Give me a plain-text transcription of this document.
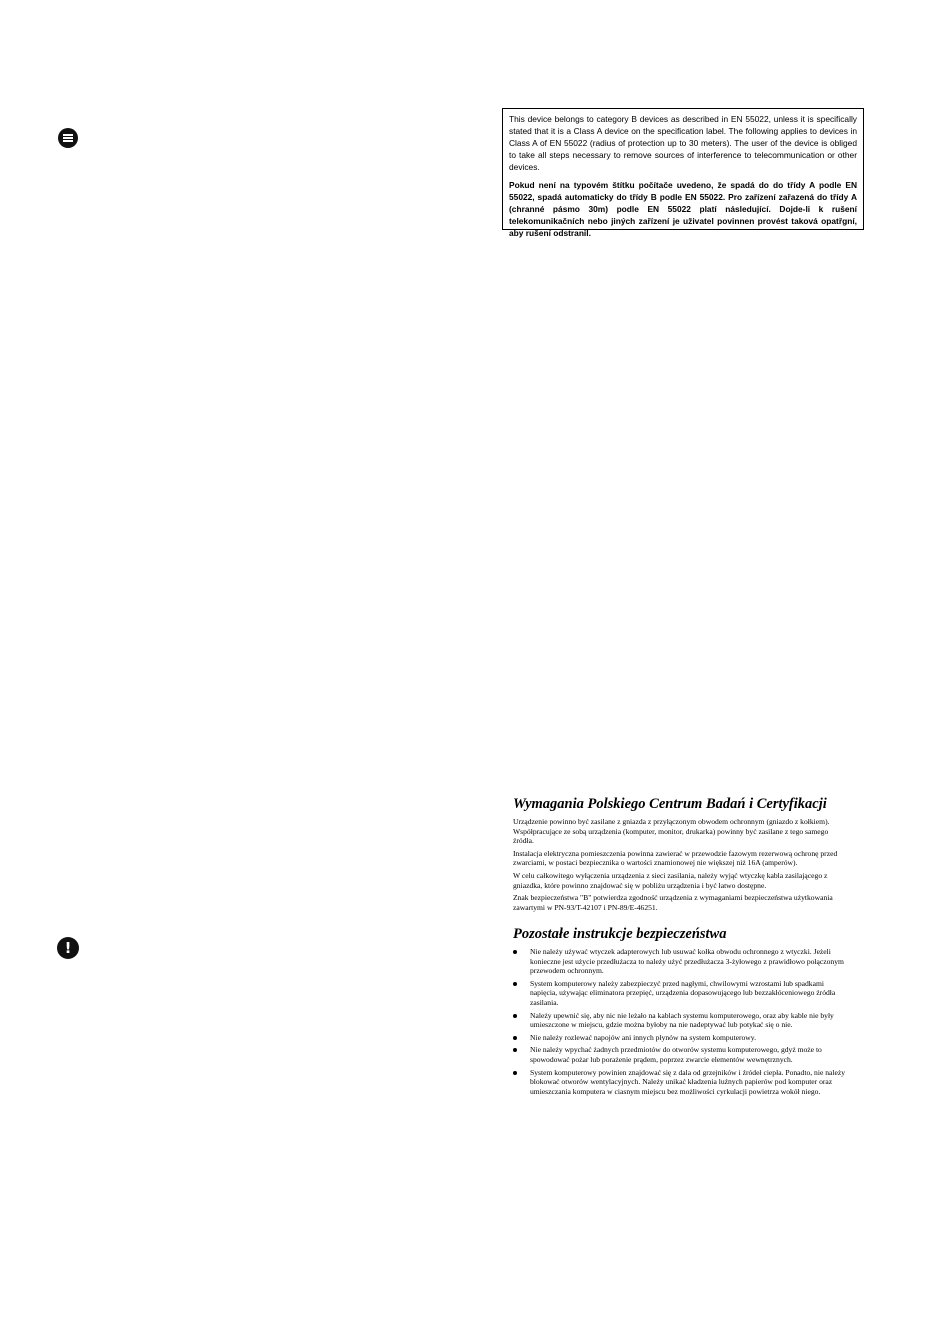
This device belongs to category B devices as described in EN 55022, unless it is specifically stated that it is a Class A device on the specification label. The following applies to devices in Class A of EN 55022 (radius of protection up to 30 meters). The user of the device is obliged to take all steps necessary to remove sources of interference to telecommunication or other devices.

Pokud není na typovém štítku počítače uvedeno, že spadá do do třídy A podle EN 55022, spadá automaticky do třídy B podle EN 55022. Pro zařízení zařazená do třídy A (chranné pásmo 30m) podle EN 55022 platí následující. Dojde-li k rušení telekomunikačních nebo jiných zařízení je uživatel povinnen provést taková opatřgní, aby rušení odstranil.

Wymagania Polskiego Centrum Badań i Certyfikacji

Urządzenie powinno być zasilane z gniazda z przyłączonym obwodem ochronnym (gniazdo z kołkiem). Współpracujące ze sobą urządzenia (komputer, monitor, drukarka) powinny być zasilane z tego samego źródła.

Instalacja elektryczna pomieszczenia powinna zawierać w przewodzie fazowym rezerwową ochronę przed zwarciami, w postaci bezpiecznika o wartości znamionowej nie większej niż 16A (amperów).

W celu całkowitego wyłączenia urządzenia z sieci zasilania, należy wyjąć wtyczkę kabla zasilającego z gniazdka, które powinno znajdować się w pobliżu urządzenia i być łatwo dostępne.

Znak bezpieczeństwa "B" potwierdza zgodność urządzenia z wymaganiami bezpieczeństwa użytkowania zawartymi w PN-93/T-42107 i PN-89/E-46251.

!
Pozostałe instrukcje bezpieczeństwa
Nie należy używać wtyczek adapterowych lub usuwać kołka obwodu ochronnego z wtyczki. Jeżeli konieczne jest użycie przedłużacza to należy użyć przedłużacza 3-żyłowego z prawidłowo połączonym przewodem ochronnym.
System komputerowy należy zabezpieczyć przed nagłymi, chwilowymi wzrostami lub spadkami napięcia, używając eliminatora przepięć, urządzenia dopasowującego lub bezzakłóceniowego źródła zasilania.
Należy upewnić się, aby nic nie leżało na kablach systemu komputerowego, oraz aby kable nie były umieszczone w miejscu, gdzie można byłoby na nie nadeptywać lub potykać się o nie.
Nie należy rozlewać napojów ani innych płynów na system komputerowy.
Nie należy wpychać żadnych przedmiotów do otworów systemu komputerowego, gdyż może to spowodować pożar lub porażenie prądem, poprzez zwarcie elementów wewnętrznych.
System komputerowy powinien znajdować się z dala od grzejników i źródeł ciepła. Ponadto, nie należy blokować otworów wentylacyjnych. Należy unikać kładzenia luźnych papierów pod komputer oraz umieszczania komputera w ciasnym miejscu bez możliwości cyrkulacji powietrza wokół niego.
